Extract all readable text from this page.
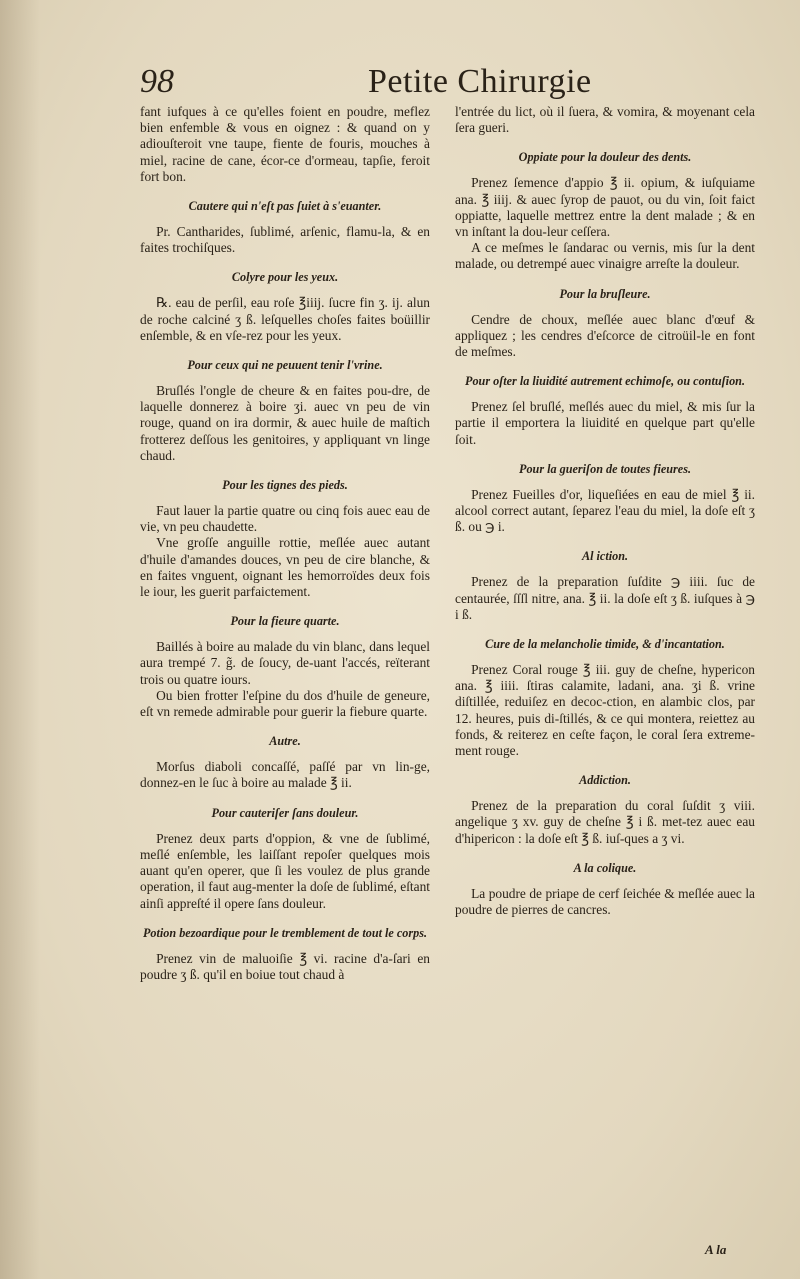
98	Petite Chirurgie

fant iufques à ce qu'elles foient en poudre, meflez bien enfemble & vous en oignez : & quand on y adiouſteroit vne taupe, fiente de fouris, mouches à miel, racine de cane, écor-ce d'ormeau, tapſie, feroit fort bon.

Cautere qui n'eſt pas ſuiet à s'euanter.

Pr. Cantharides, ſublimé, arſenic, flamu-la, & en faites trochiſques.

Colyre pour les yeux.

℞. eau de perſil, eau roſe ℥iiij. ſucre fin ʒ. ij. alun de roche calciné ʒ ß. leſquelles choſes faites boüillir enſemble, & en vſe-rez pour les yeux.

Pour ceux qui ne peuuent tenir l'vrine.

Bruſlés l'ongle de cheure & en faites pou-dre, de laquelle donnerez à boire ʒi. auec vn peu de vin rouge, quand on ira dormir, & auec huile de maſtich frotterez deſſous les genitoires, y appliquant vn linge chaud.

Pour les tignes des pieds.

Faut lauer la partie quatre ou cinq fois auec eau de vie, vn peu chaudette.

Vne groſſe anguille rottie, meſlée auec autant d'huile d'amandes douces, vn peu de cire blanche, & en faites vnguent, oignant les hemorroïdes deux fois le iour, les guerit parfaictement.

Pour la fieure quarte.

Baillés à boire au malade du vin blanc, dans lequel aura trempé 7. g̃. de ſoucy, de-uant l'accés, reïterant trois ou quatre iours.

Ou bien frotter l'eſpine du dos d'huile de geneure, eſt vn remede admirable pour guerir la fiebure quarte.

Autre.

Morſus diaboli concaſſé, paſſé par vn lin-ge, donnez-en le ſuc à boire au malade ℥ ii.

Pour cauteriſer ſans douleur.

Prenez deux parts d'oppion, & vne de ſublimé, meſlé enſemble, les laiſſant repoſer quelques mois auant qu'en operer, que ſi les voulez de plus grande operation, il faut aug-menter la doſe de ſublimé, eſtant ainſi appreſté il opere ſans douleur.

Potion bezoardique pour le tremblement de tout le corps.

Prenez vin de maluoiſie ℥ vi. racine d'a-ſari en poudre ʒ ß. qu'il en boiue tout chaud à

l'entrée du lict, où il ſuera, & vomira, & moyenant cela ſera gueri.

Oppiate pour la douleur des dents.

Prenez ſemence d'appio ℥ ii. opium, & iuſquiame ana. ℥ iiij. & auec ſyrop de pauot, ou du vin, ſoit faict oppiatte, laquelle mettrez entre la dent malade ; & en vn inſtant la dou-leur ceſſera.

A ce meſmes le ſandarac ou vernis, mis ſur la dent malade, ou detrempé auec vinaigre arreſte la douleur.

Pour la bruſleure.

Cendre de choux, meſlée auec blanc d'œuf & appliquez ; les cendres d'eſcorce de citroüil-le en font de meſmes.

Pour oſter la liuidité autrement echimoſe, ou contuſion.

Prenez ſel bruſlé, meſlés auec du miel, & mis ſur la partie il emportera la liuidité en quelque part qu'elle ſoit.

Pour la gueriſon de toutes fieures.

Prenez Fueilles d'or, liqueſiées en eau de miel ℥ ii. alcool correct autant, ſeparez l'eau du miel, la doſe eſt ʒ ß. ou ℈ i.

Al iction.

Prenez de la preparation ſuſdite ℈ iiii. ſuc de centaurée, ſſſl nitre, ana. ℥ ii. la doſe eſt ʒ ß. iuſques à ℈ i ß.

Cure de la melancholie timide, & d'incantation.

Prenez Coral rouge ℥ iii. guy de cheſne, hypericon ana. ℥ iiii. ſtiras calamite, ladani, ana. ʒi ß. vrine diſtillée, reduiſez en decoc-ction, en alambic clos, par 12. heures, puis di-ſtillés, & ce qui montera, reiettez au fonds, & reiterez en ceſte façon, le coral ſera extreme-ment rouge.

Addiction.

Prenez de la preparation du coral ſuſdit ʒ viii. angelique ʒ xv. guy de cheſne ℥ i ß. met-tez auec eau d'hipericon : la doſe eſt ℥ ß. iuſ-ques a ʒ vi.

A la colique.

La poudre de priape de cerf ſeichée & meſlée auec la poudre de pierres de cancres.

A la
